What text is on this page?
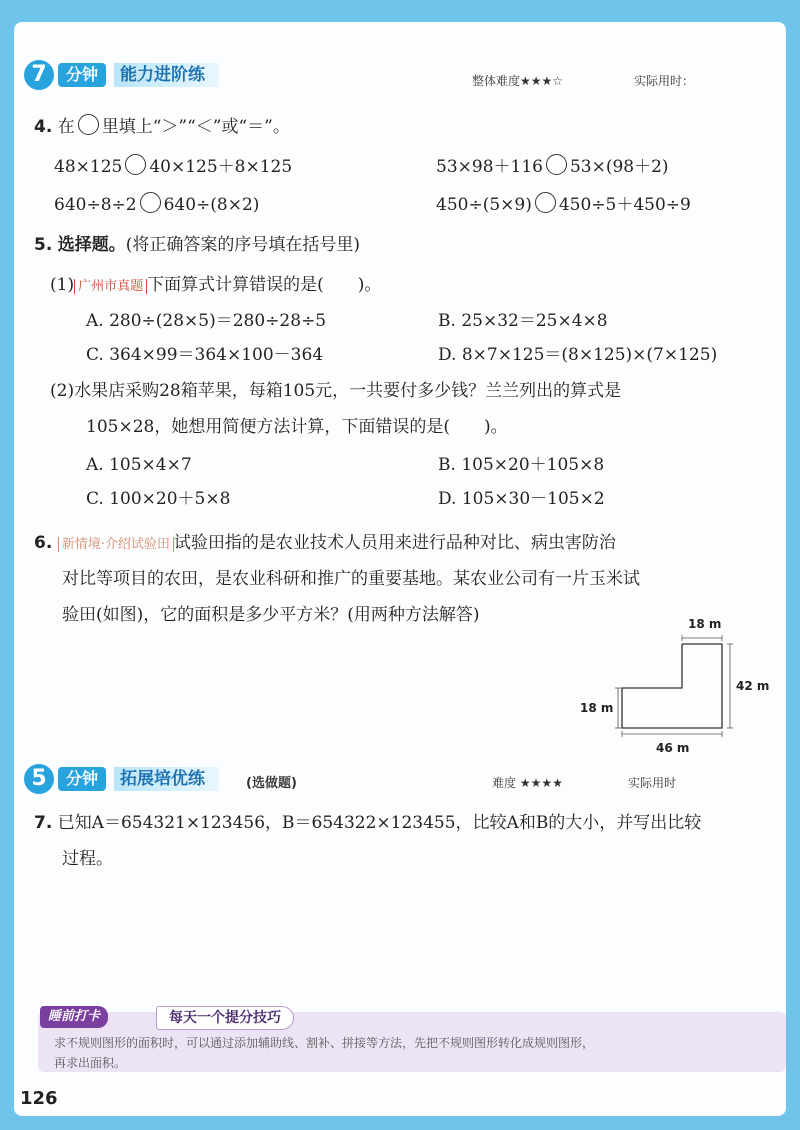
7	分钟	能力进阶练	整体难度★★★☆	实际用时：
4. 在 里填上“＞”“＜”或“＝”。
48×125 40×125＋8×125	53×98＋116 53×(98＋2)
640÷8÷2 640÷(8×2)	450÷(5×9) 450÷5＋450÷9
5. 选择题。(将正确答案的序号填在括号里)
(1) 广州市真题 下面算式计算错误的是(　　)。
A. 280÷(28×5)＝280÷28÷5	B. 25×32＝25×4×8
C. 364×99＝364×100－364	D. 8×7×125＝(8×125)×(7×125)
(2)水果店采购28箱苹果，每箱105元，一共要付多少钱？兰兰列出的算式是
105×28，她想用简便方法计算，下面错误的是(　　)。
A. 105×4×7	B. 105×20＋105×8
C. 100×20＋5×8	D. 105×30－105×2
6. 新情境·介绍试验田 试验田指的是农业技术人员用来进行品种对比、病虫害防治
对比等项目的农田，是农业科研和推广的重要基地。某农业公司有一片玉米试
验田(如图)，它的面积是多少平方米？(用两种方法解答)	18 m
42 m
18 m
46 m
5	分钟	拓展培优练	(选做题)	难度 ★★★★	实际用时
7. 已知A＝654321×123456，B＝654322×123455，比较A和B的大小，并写出比较
过程。
睡前打卡	每天一个提分技巧
求不规则图形的面积时，可以通过添加辅助线、割补、拼接等方法，先把不规则图形转化成规则图形，
再求出面积。
126
